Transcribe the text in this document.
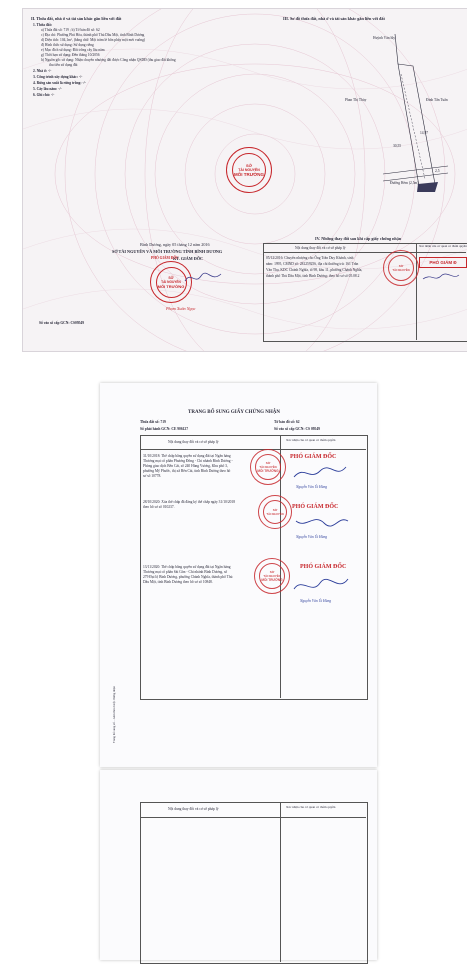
II. Thửa đất, nhà ở và tài sản khác gắn liền với đất
1. Thửa đất:
a) Thửa đất số: 719 ; b) Tờ bản đồ số: 62
c) Địa chỉ: Phường Phú Hòa, thành phố Thủ Dầu Một, tỉnh Bình Dương
d) Diện tích: 104,1m², (bằng chữ: Một trăm lẻ bốn phẩy một mét vuông)
đ) Hình thức sử dụng: Sử dụng riêng
e) Mục đích sử dụng: Đất trồng cây lâu năm
g) Thời hạn sử dụng: Đến tháng 10/2056
h) Nguồn gốc sử dụng: Nhận chuyển nhượng đất được Công nhận QSDĐ (thu giao đất không
thu tiền sử dụng đất
2. Nhà ở: -/-
3. Công trình xây dựng khác: -/-
4. Rừng sản xuất là rừng trồng: -/-
5. Cây lâu năm: -/-
6. Ghi chú: -/-
III. Sơ đồ thửa đất, nhà ở và tài sản khác gắn liền với đất
Huỳnh Văn lũy
Phan Thị Thủy	Đinh Tấn Tuấn
Đường Hẻm (2,5m)
14,97
30,55
2,5
SỞ
TÀI NGUYÊN
MÔI TRƯỜNG
Bình Dương, ngày 05 tháng 12 năm 2016
SỞ TÀI NGUYÊN VÀ MÔI TRƯỜNG TỈNH BÌNH DƯƠNG
KT. GIÁM ĐỐC
SỞ
TÀI NGUYÊN
MÔI TRƯỜNG
PHÓ GIÁM ĐỐC
Phạm Xuân Ngọc
Số vào sổ cấp GCN: CS09549
IV. Những thay đổi sau khi cấp giấy chứng nhận
Nội dung thay đổi và cơ sở pháp lý	Xác nhận của cơ quan có thẩm quyền
05/12/2016: Chuyển nhượng cho Ông Trần Duy Khánh, sinh
năm: 1995, CMND số: 281259256, địa chỉ thường trú: 161 Trần
Văn Thụ, KDC Chánh Nghĩa, tổ 98, khu 11, phường Chánh Nghĩa,
thành phố Thủ Dầu Một, tỉnh Bình Dương; theo hồ sơ số 05.08.2
SỞ
TÀI NGUYÊN
PHÓ GIÁM Đ
TRANG BỔ SUNG GIẤY CHỨNG NHẬN
Thửa đất số: 719	Tờ bản đồ số: 62
Số phát hành GCN: CE 906127	Số vào sổ cấp GCN: CS 09549
Nội dung thay đổi và cơ sở pháp lý	Xác nhận của cơ quan có thẩm quyền
31/10/2018: Thế chấp bằng quyền sử dụng đất tại Ngân hàng
Thương mại cổ phần Phương Đông - Chi nhánh Bình Dương -
Phòng giao dịch Bến Cát, số 240 Hùng Vương, Khu phố 3,
phường Mỹ Phước, thị xã Bến Cát, tỉnh Bình Dương theo hồ
sơ số 10778.
SỞ
TÀI NGUYÊN
MÔI TRƯỜNG
PHÓ GIÁM ĐỐC
Nguyễn Văn Út Hùng
28/10/2020: Xóa thế chấp đã đăng ký thế chấp ngày 31/10/2018
theo hồ sơ số 010237.
SỞ
TÀI NGUYÊN
PHÓ GIÁM ĐỐC
Nguyễn Văn Út Hùng
13/11/2020: Thế chấp bằng quyền sử dụng đất tại Ngân hàng
Thương mại cổ phần Sài Gòn - Chi nhánh Bình Dương, số
279 Đại lộ Bình Dương, phường Chánh Nghĩa, thành phố Thủ
Dầu Một, tỉnh Bình Dương theo hồ sơ số 10848.
SỞ
TÀI NGUYÊN
MÔI TRƯỜNG
PHÓ GIÁM ĐỐC
Nguyễn Văn Út Hùng
Trang bổ sung số ... kèm theo Giấy chứng nhận
Nội dung thay đổi và cơ sở pháp lý	Xác nhận của cơ quan có thẩm quyền
